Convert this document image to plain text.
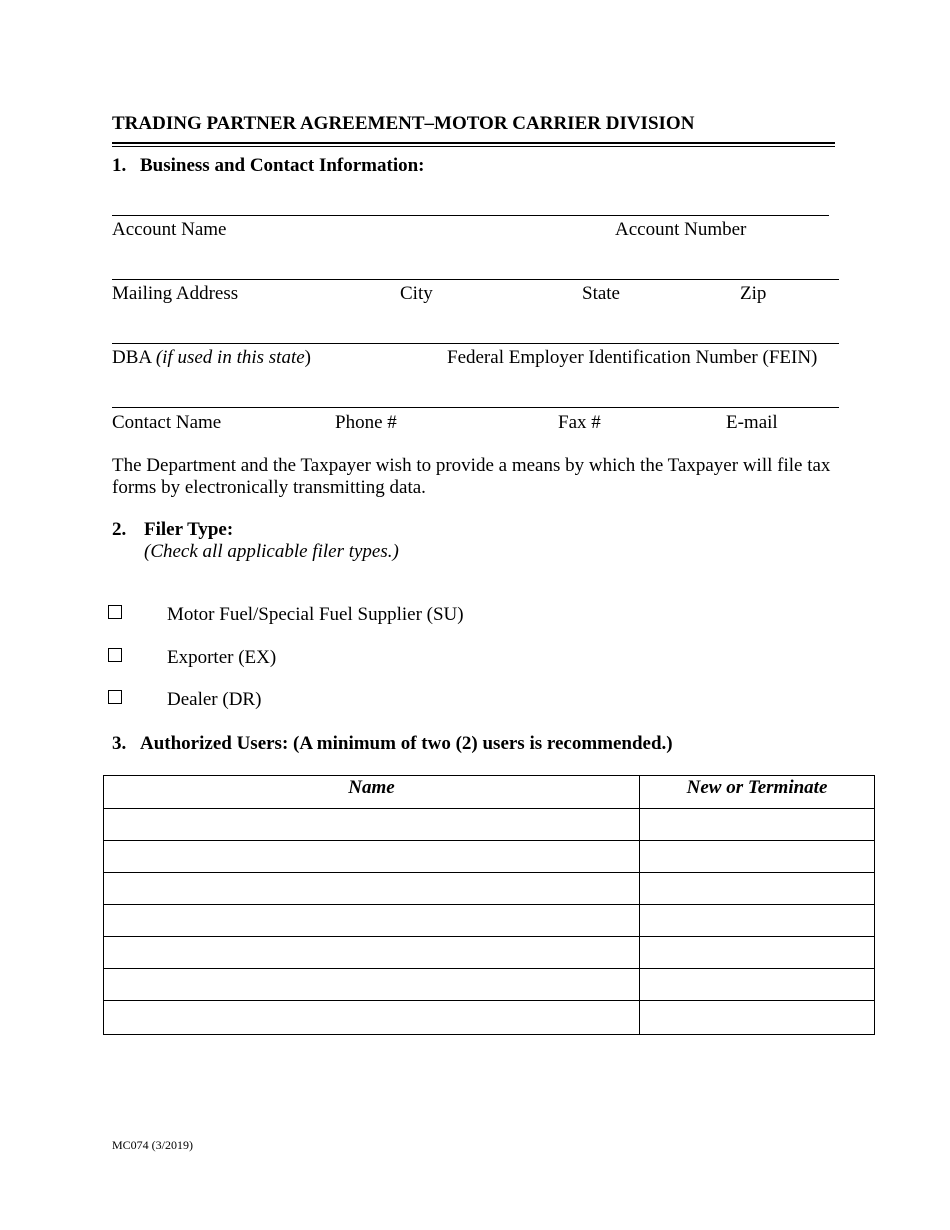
TRADING PARTNER AGREEMENT–MOTOR CARRIER DIVISION
1. Business and Contact Information:
Account Name	Account Number
Mailing Address	City	State	Zip
DBA (if used in this state)	Federal Employer Identification Number (FEIN)
Contact Name	Phone #	Fax #	E-mail
The Department and the Taxpayer wish to provide a means by which the Taxpayer will file tax
forms by electronically transmitting data.
2. Filer Type:
(Check all applicable filer types.)
Motor Fuel/Special Fuel Supplier (SU)
Exporter (EX)
Dealer (DR)
3. Authorized Users: (A minimum of two (2) users is recommended.)
Name	New or Terminate

MC074 (3/2019)
